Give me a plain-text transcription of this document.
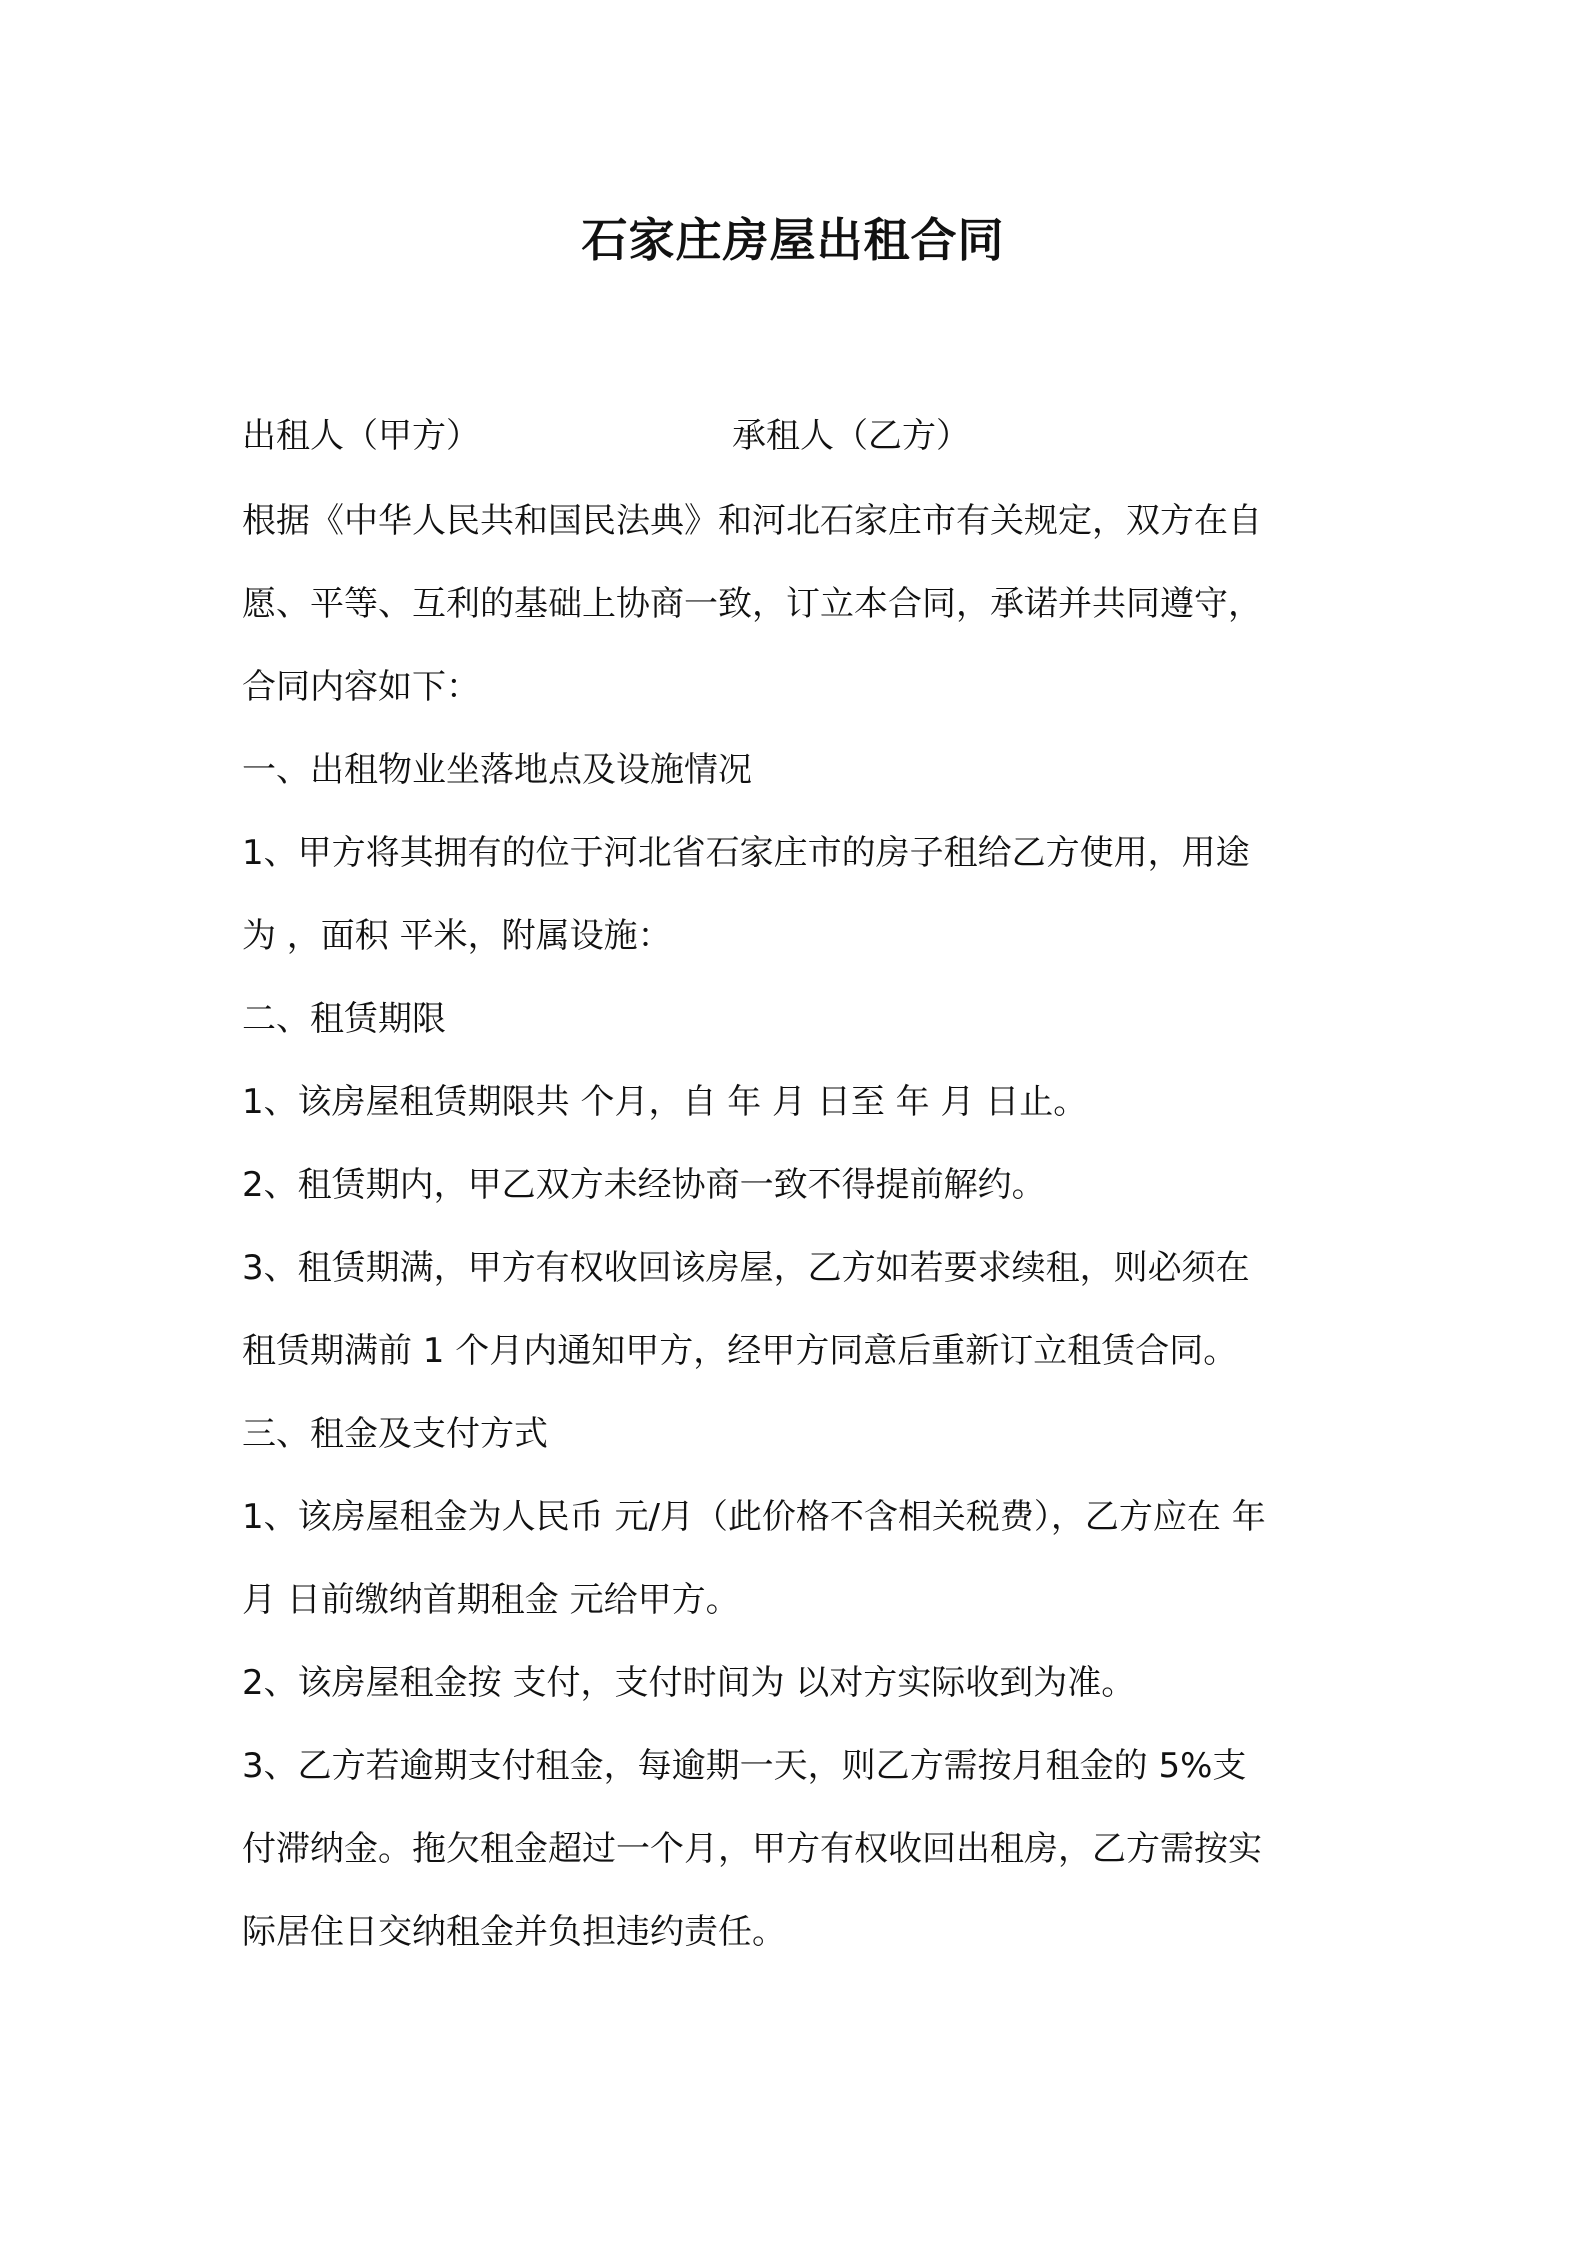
石家庄房屋出租合同
出租人（甲方）	承租人（乙方）
根据《中华人民共和国民法典》和河北石家庄市有关规定，双方在自
愿、平等、互利的基础上协商一致，订立本合同，承诺并共同遵守，
合同内容如下：
一、出租物业坐落地点及设施情况
1、甲方将其拥有的位于河北省石家庄市的房子租给乙方使用，用途
为 ，面积 平米，附属设施：
二、租赁期限
1、该房屋租赁期限共 个月，自 年 月 日至 年 月 日止。
2、租赁期内，甲乙双方未经协商一致不得提前解约。
3、租赁期满，甲方有权收回该房屋，乙方如若要求续租，则必须在
租赁期满前 1 个月内通知甲方，经甲方同意后重新订立租赁合同。
三、租金及支付方式
1、该房屋租金为人民币 元/月（此价格不含相关税费），乙方应在 年
月 日前缴纳首期租金 元给甲方。
2、该房屋租金按 支付，支付时间为 以对方实际收到为准。
3、乙方若逾期支付租金，每逾期一天，则乙方需按月租金的 5%支
付滞纳金。拖欠租金超过一个月，甲方有权收回出租房，乙方需按实
际居住日交纳租金并负担违约责任。
